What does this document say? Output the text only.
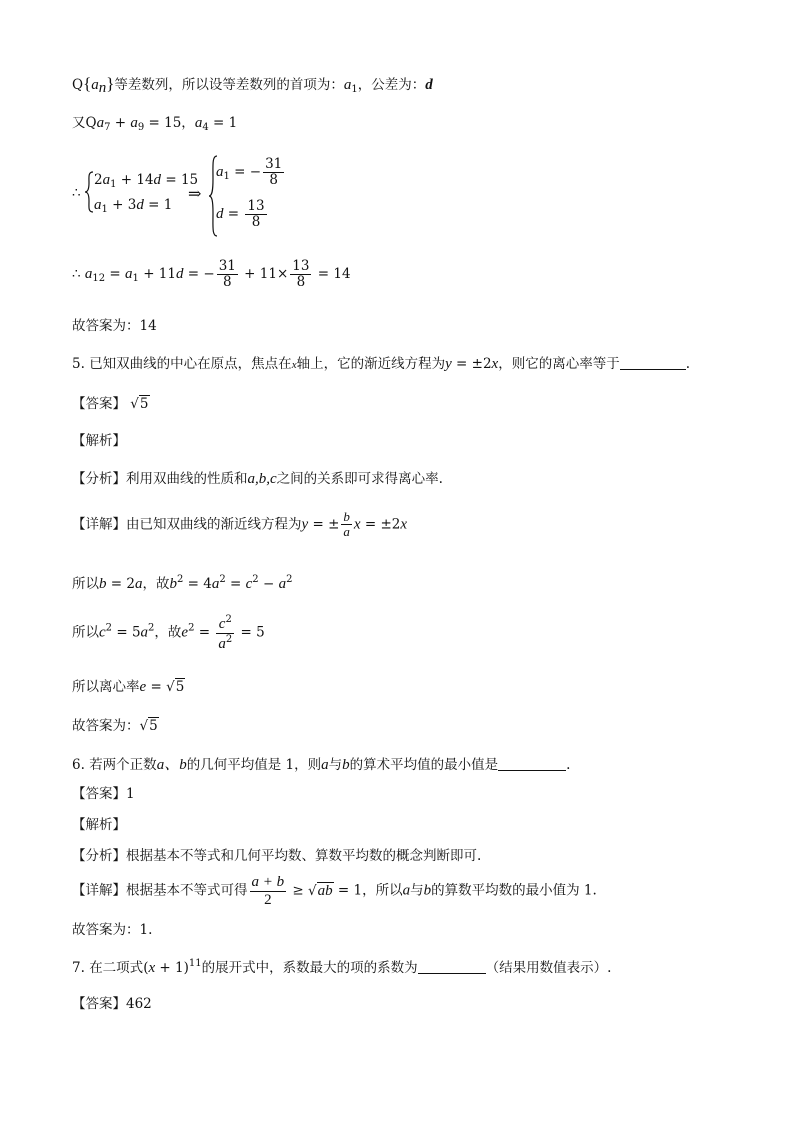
$Q\{a_n\}$等差数列，所以设等差数列的首项为：$a_1$，公差为：d
又$Qa_7 + a_9 = 15$，$a_4 = 1$
∴
$2a_1 + 14d = 15$
$a_1 + 3d = 1$
⇒
$a_1$ = − $\frac{31}{8}$
$d = \frac{13}{8}$
∴ $a_{12} = a_1 + 11d$ = − $\frac{31}{8} + 11\times \frac{13}{8} = 14$
故答案为：14
5. 已知双曲线的中心在原点，焦点在x轴上，它的渐近线方程为y = ±2x，则它的离心率等于	.
【答案】 √5
【解析】
【分析】利用双曲线的性质和a,b,c之间的关系即可求得离心率.
【详解】由已知双曲线的渐近线方程为y = ± $\frac{b}{a}$ x = ±2x
所以b = 2a，故$b^2 = 4a^2 = c^2 - a^2$
所以$c^2 = 5a^2$，故$e^2 = \frac{c^2}{a^2} = 5$
所以离心率e = √5
故答案为：√5
6. 若两个正数a、b的几何平均值是 1，则a与b的算术平均值的最小值是	.
【答案】1
【解析】
【分析】根据基本不等式和几何平均数、算数平均数的概念判断即可.
【详解】根据基本不等式可得 $\frac{a + b}{2} \ge √ab = 1$，所以a与b的算数平均数的最小值为 1.
故答案为：1.
7. 在二项式$(x + 1)^{11}$的展开式中，系数最大的项的系数为	（结果用数值表示）.
【答案】462
